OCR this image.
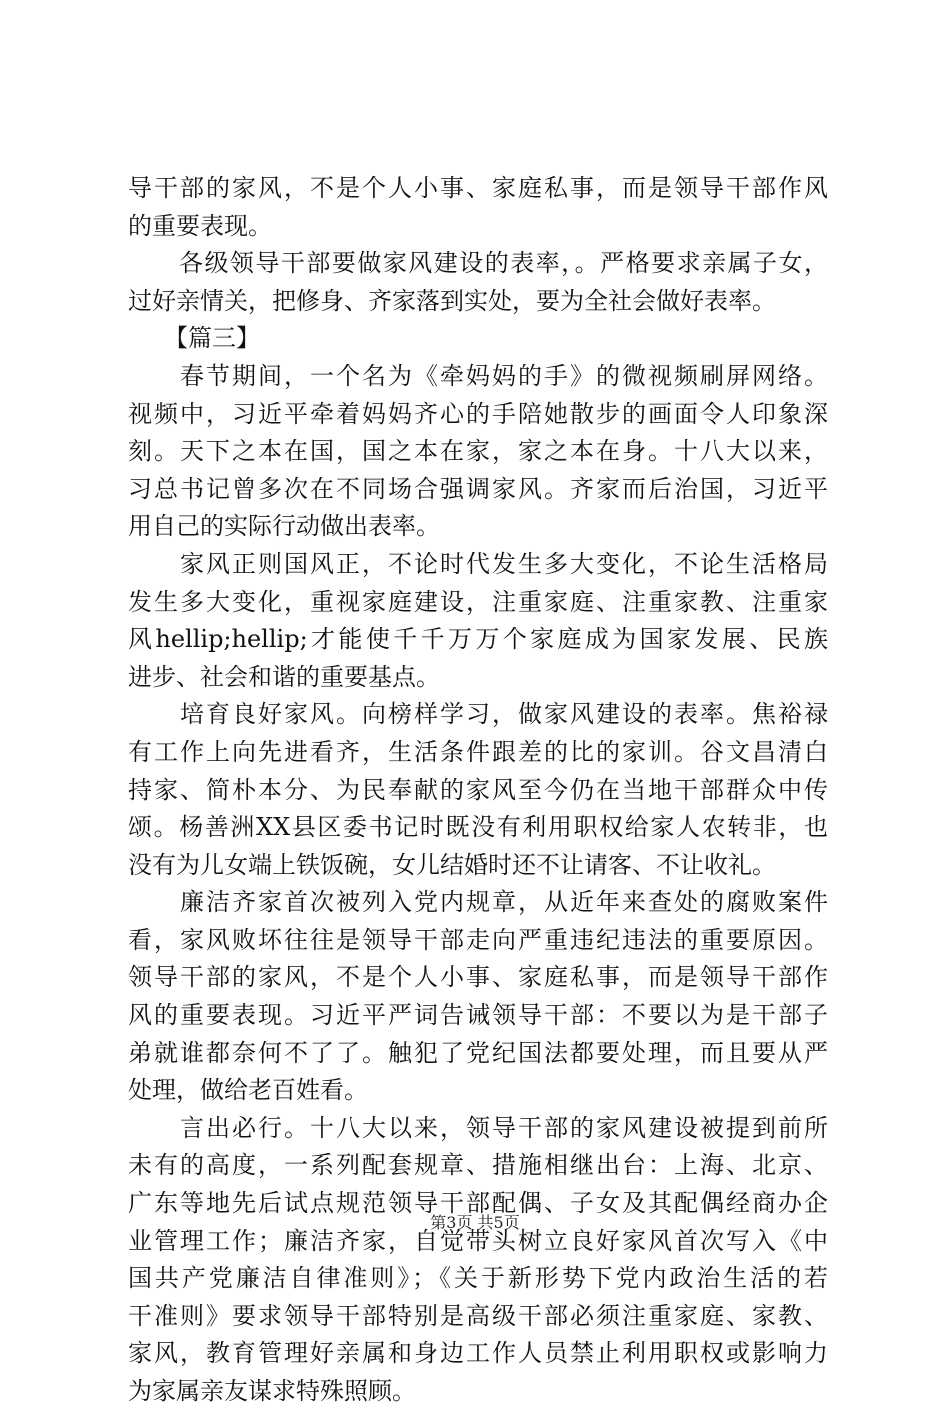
导干部的家风，不是个人小事、家庭私事，而是领导干部作风
的重要表现。
　　各级领导干部要做家风建设的表率，。严格要求亲属子女，
过好亲情关，把修身、齐家落到实处，要为全社会做好表率。
　　【篇三】
　　春节期间，一个名为《牵妈妈的手》的微视频刷屏网络。
视频中，习近平牵着妈妈齐心的手陪她散步的画面令人印象深
刻。天下之本在国，国之本在家，家之本在身。十八大以来，
习总书记曾多次在不同场合强调家风。齐家而后治国，习近平
用自己的实际行动做出表率。
　　家风正则国风正，不论时代发生多大变化，不论生活格局
发生多大变化，重视家庭建设，注重家庭、注重家教、注重家
风hellip;hellip;才能使千千万万个家庭成为国家发展、民族
进步、社会和谐的重要基点。
　　培育良好家风。向榜样学习，做家风建设的表率。焦裕禄
有工作上向先进看齐，生活条件跟差的比的家训。谷文昌清白
持家、简朴本分、为民奉献的家风至今仍在当地干部群众中传
颂。杨善洲XX县区委书记时既没有利用职权给家人农转非，也
没有为儿女端上铁饭碗，女儿结婚时还不让请客、不让收礼。
　　廉洁齐家首次被列入党内规章，从近年来查处的腐败案件
看，家风败坏往往是领导干部走向严重违纪违法的重要原因。
领导干部的家风，不是个人小事、家庭私事，而是领导干部作
风的重要表现。习近平严词告诫领导干部：不要以为是干部子
弟就谁都奈何不了了。触犯了党纪国法都要处理，而且要从严
处理，做给老百姓看。
　　言出必行。十八大以来，领导干部的家风建设被提到前所
未有的高度，一系列配套规章、措施相继出台：上海、北京、
广东等地先后试点规范领导干部配偶、子女及其配偶经商办企
业管理工作；廉洁齐家，自觉带头树立良好家风首次写入《中
国共产党廉洁自律准则》；《关于新形势下党内政治生活的若
干准则》要求领导干部特别是高级干部必须注重家庭、家教、
家风，教育管理好亲属和身边工作人员禁止利用职权或影响力
为家属亲友谋求特殊照顾。
第3页 共5页
